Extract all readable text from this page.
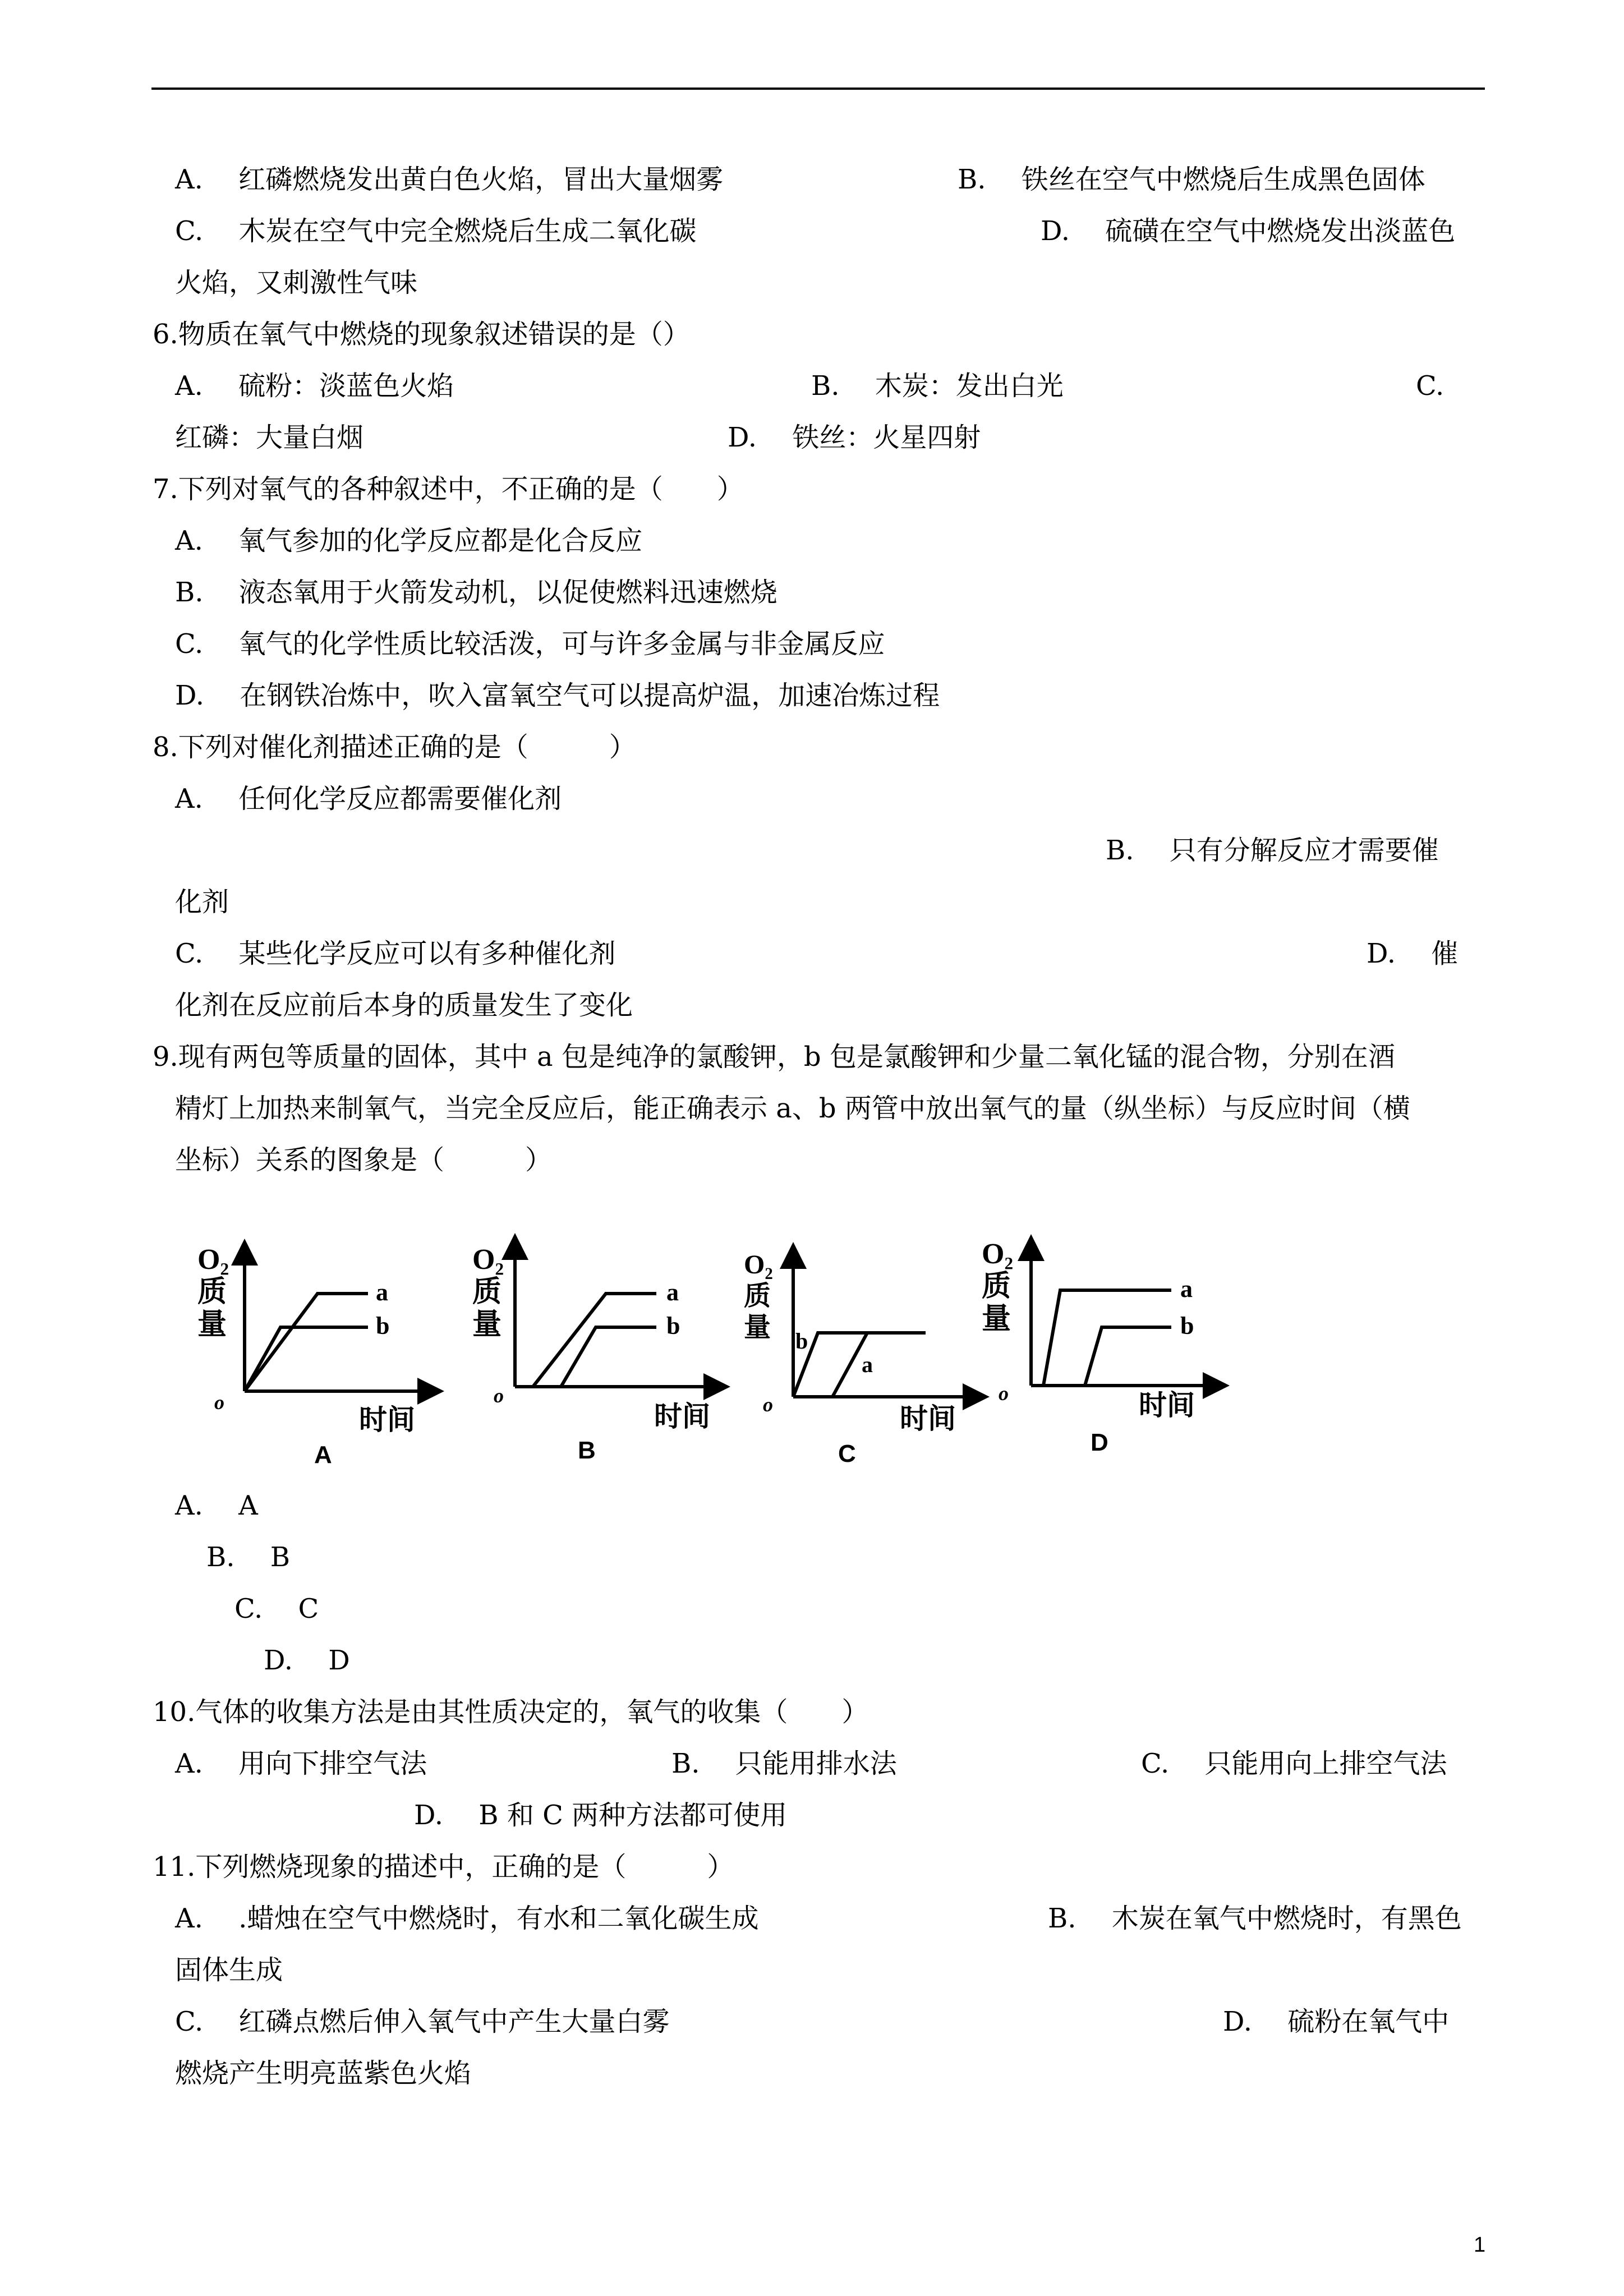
A.　 红磷燃烧发出黄白色火焰，冒出大量烟雾	B.　 铁丝在空气中燃烧后生成黑色固体
C.　 木炭在空气中完全燃烧后生成二氧化碳	D.　 硫磺在空气中燃烧发出淡蓝色
火焰，又刺激性气味
6.物质在氧气中燃烧的现象叙述错误的是（）
A.　 硫粉：淡蓝色火焰	B.　 木炭：发出白光	C.
红磷：大量白烟	D.　 铁丝：火星四射
7.下列对氧气的各种叙述中，不正确的是（　　）
A.　 氧气参加的化学反应都是化合反应
B.　 液态氧用于火箭发动机，以促使燃料迅速燃烧
C.　 氧气的化学性质比较活泼，可与许多金属与非金属反应
D.　 在钢铁冶炼中，吹入富氧空气可以提高炉温，加速冶炼过程
8.下列对催化剂描述正确的是（　　　）
A.　 任何化学反应都需要催化剂
B.　 只有分解反应才需要催
化剂
C.　 某些化学反应可以有多种催化剂	D.　 催
化剂在反应前后本身的质量发生了变化
9.现有两包等质量的固体，其中 a 包是纯净的氯酸钾，b 包是氯酸钾和少量二氧化锰的混合物，分别在酒
精灯上加热来制氧气，当完全反应后，能正确表示 a、b 两管中放出氧气的量（纵坐标）与反应时间（横
坐标）关系的图象是（　　　）
O₂
质
量
o
a
b
时间
A
O₂
质
量
o
a
b
时间
B
O₂
质
量
o
b
a
时间
C
O₂
质
量
o
a
b
时间
D
A.　 A
B.　 B
C.　 C
D.　 D
10.气体的收集方法是由其性质决定的，氧气的收集（　　）
A.　 用向下排空气法	B.　 只能用排水法	C.　 只能用向上排空气法
D.　 B 和 C 两种方法都可使用
11.下列燃烧现象的描述中，正确的是（　　　）
A.　 .蜡烛在空气中燃烧时，有水和二氧化碳生成	B.　 木炭在氧气中燃烧时，有黑色
固体生成
C.　 红磷点燃后伸入氧气中产生大量白雾	D.　 硫粉在氧气中
燃烧产生明亮蓝紫色火焰
1
